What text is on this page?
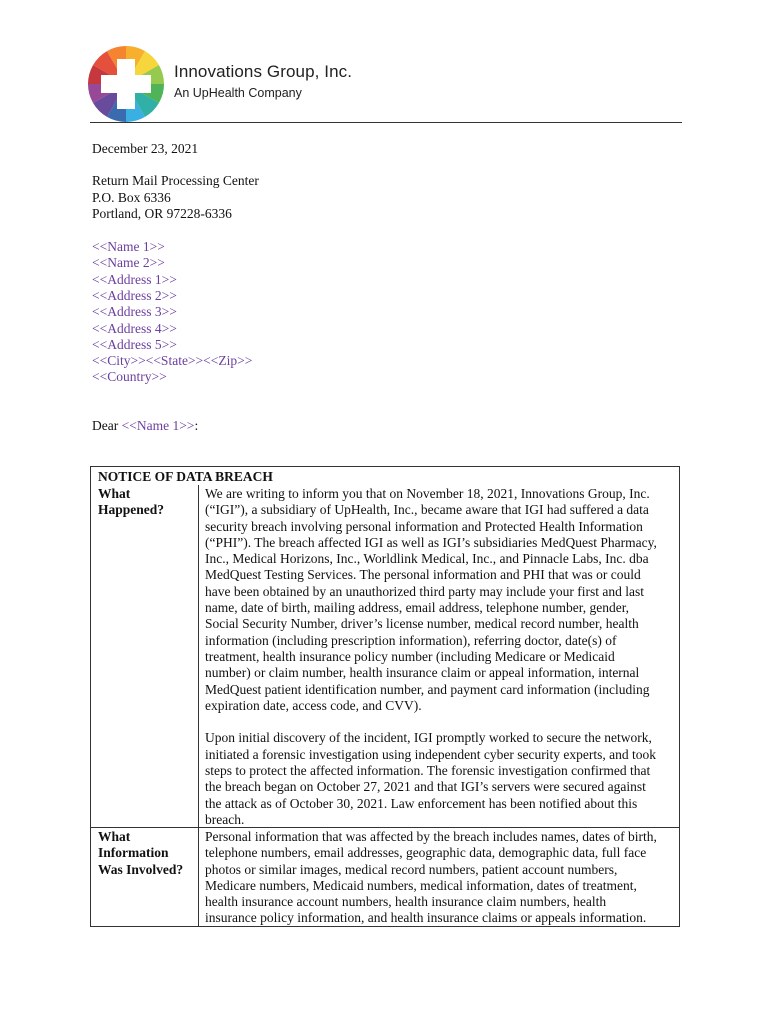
Innovations Group, Inc.
An UpHealth Company
December 23, 2021
Return Mail Processing Center
P.O. Box 6336
Portland, OR 97228-6336
<<Name 1>>
<<Name 2>>
<<Address 1>>
<<Address 2>>
<<Address 3>>
<<Address 4>>
<<Address 5>>
<<City>><<State>><<Zip>>
<<Country>>
Dear <<Name 1>>:
NOTICE OF DATA BREACH
What
Happened?
We are writing to inform you that on November 18, 2021, Innovations Group, Inc.
(“IGI”), a subsidiary of UpHealth, Inc., became aware that IGI had suffered a data
security breach involving personal information and Protected Health Information
(“PHI”). The breach affected IGI as well as IGI’s subsidiaries MedQuest Pharmacy,
Inc., Medical Horizons, Inc., Worldlink Medical, Inc., and Pinnacle Labs, Inc. dba
MedQuest Testing Services. The personal information and PHI that was or could
have been obtained by an unauthorized third party may include your first and last
name, date of birth, mailing address, email address, telephone number, gender,
Social Security Number, driver’s license number, medical record number, health
information (including prescription information), referring doctor, date(s) of
treatment, health insurance policy number (including Medicare or Medicaid
number) or claim number, health insurance claim or appeal information, internal
MedQuest patient identification number, and payment card information (including
expiration date, access code, and CVV).
Upon initial discovery of the incident, IGI promptly worked to secure the network,
initiated a forensic investigation using independent cyber security experts, and took
steps to protect the affected information. The forensic investigation confirmed that
the breach began on October 27, 2021 and that IGI’s servers were secured against
the attack as of October 30, 2021. Law enforcement has been notified about this
breach.
What
Information
Was Involved?
Personal information that was affected by the breach includes names, dates of birth,
telephone numbers, email addresses, geographic data, demographic data, full face
photos or similar images, medical record numbers, patient account numbers,
Medicare numbers, Medicaid numbers, medical information, dates of treatment,
health insurance account numbers, health insurance claim numbers, health
insurance policy information, and health insurance claims or appeals information.
